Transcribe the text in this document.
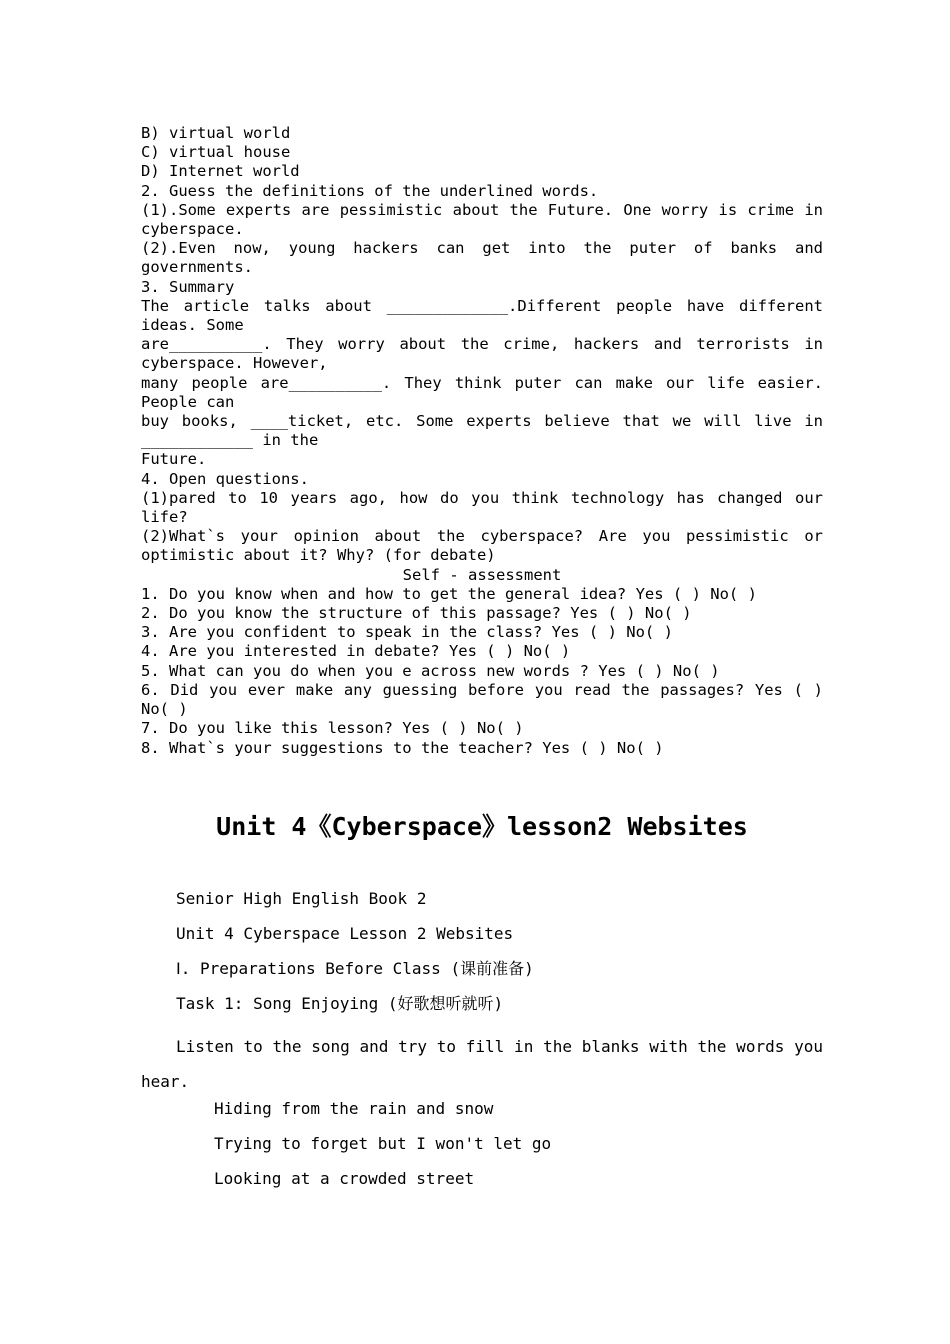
B) virtual world

C) virtual house

D) Internet world

2. Guess the definitions of the underlined words.

(1).Some experts are pessimistic about the Future. One worry is crime in cyberspace.

(2).Even now, young hackers can get into the puter of banks and governments.

3. Summary

The article talks about _____________.Different people have different ideas. Some

are__________. They worry about the crime, hackers and terrorists in cyberspace. However,

many people are__________. They think puter can make our life easier. People can

buy books, ____ticket, etc. Some experts believe that we will live in ____________ in the

Future.

4. Open questions.

(1)pared to 10 years ago, how do you think technology has changed our life?

(2)What`s your opinion about the cyberspace? Are you pessimistic or optimistic about it? Why? (for debate)

Self - assessment

1. Do you know when and how to get the general idea? Yes ( ) No( )

2. Do you know the structure of this passage? Yes ( ) No( )

3. Are you confident to speak in the class? Yes ( ) No( )

4. Are you interested in debate? Yes ( ) No( )

5. What can you do when you e across new words ? Yes ( ) No( )

6. Did you ever make any guessing before you read the passages? Yes ( ) No( )

7. Do you like this lesson? Yes ( ) No( )

8. What`s your suggestions to the teacher? Yes ( ) No( )

Unit 4《Cyberspace》lesson2 Websites

Senior High English Book 2

Unit 4 Cyberspace Lesson 2 Websites

Ⅰ. Preparations Before Class (课前准备)

Task 1: Song Enjoying (好歌想听就听)

Listen to the song and try to fill in the blanks with the words you hear.

Hiding from the rain and snow

Trying to forget but I won't let go

Looking at a crowded street
